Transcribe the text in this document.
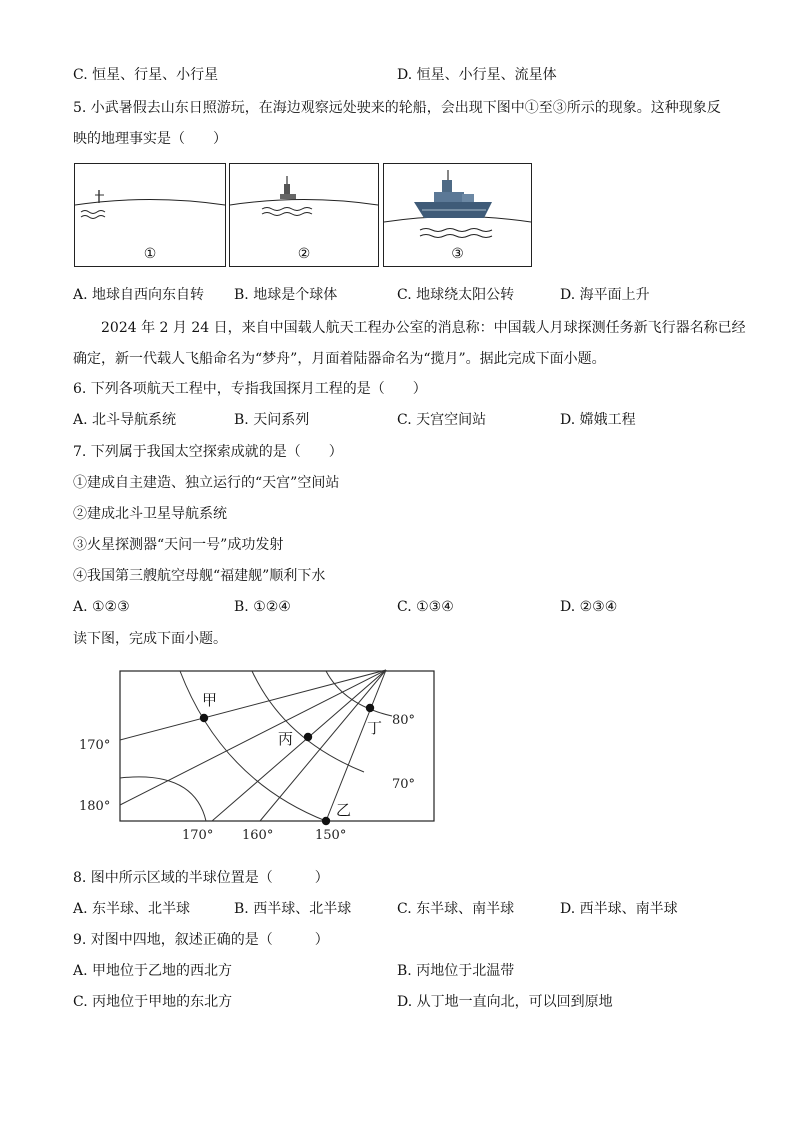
C. 恒星、行星、小行星	D. 恒星、小行星、流星体
5. 小武暑假去山东日照游玩，在海边观察远处驶来的轮船，会出现下图中①至③所示的现象。这种现象反
映的地理事实是（　　）
①	②	③
A. 地球自西向东自转 B. 地球是个球体	C. 地球绕太阳公转	D. 海平面上升
2024 年 2 月 24 日，来自中国载人航天工程办公室的消息称：中国载人月球探测任务新飞行器名称已经
确定，新一代载人飞船命名为“梦舟”，月面着陆器命名为“揽月”。据此完成下面小题。
6. 下列各项航天工程中，专指我国探月工程的是（　　）
A. 北斗导航系统	B. 天问系列	C. 天宫空间站	D. 嫦娥工程
7. 下列属于我国太空探索成就的是（　　）
①建成自主建造、独立运行的“天宫”空间站
②建成北斗卫星导航系统
③火星探测器“天问一号”成功发射
④我国第三艘航空母舰“福建舰”顺利下水
A. ①②③	B. ①②④	C. ①③④	D. ②③④
读下图，完成下面小题。
甲
丙
丁
乙
170°
180°
170° 160°	150°
80°
70°
8. 图中所示区域的半球位置是（　　　）
A. 东半球、北半球	B. 西半球、北半球	C. 东半球、南半球	D. 西半球、南半球
9. 对图中四地，叙述正确的是（　　　）
A. 甲地位于乙地的西北方	B. 丙地位于北温带
C. 丙地位于甲地的东北方	D. 从丁地一直向北，可以回到原地
